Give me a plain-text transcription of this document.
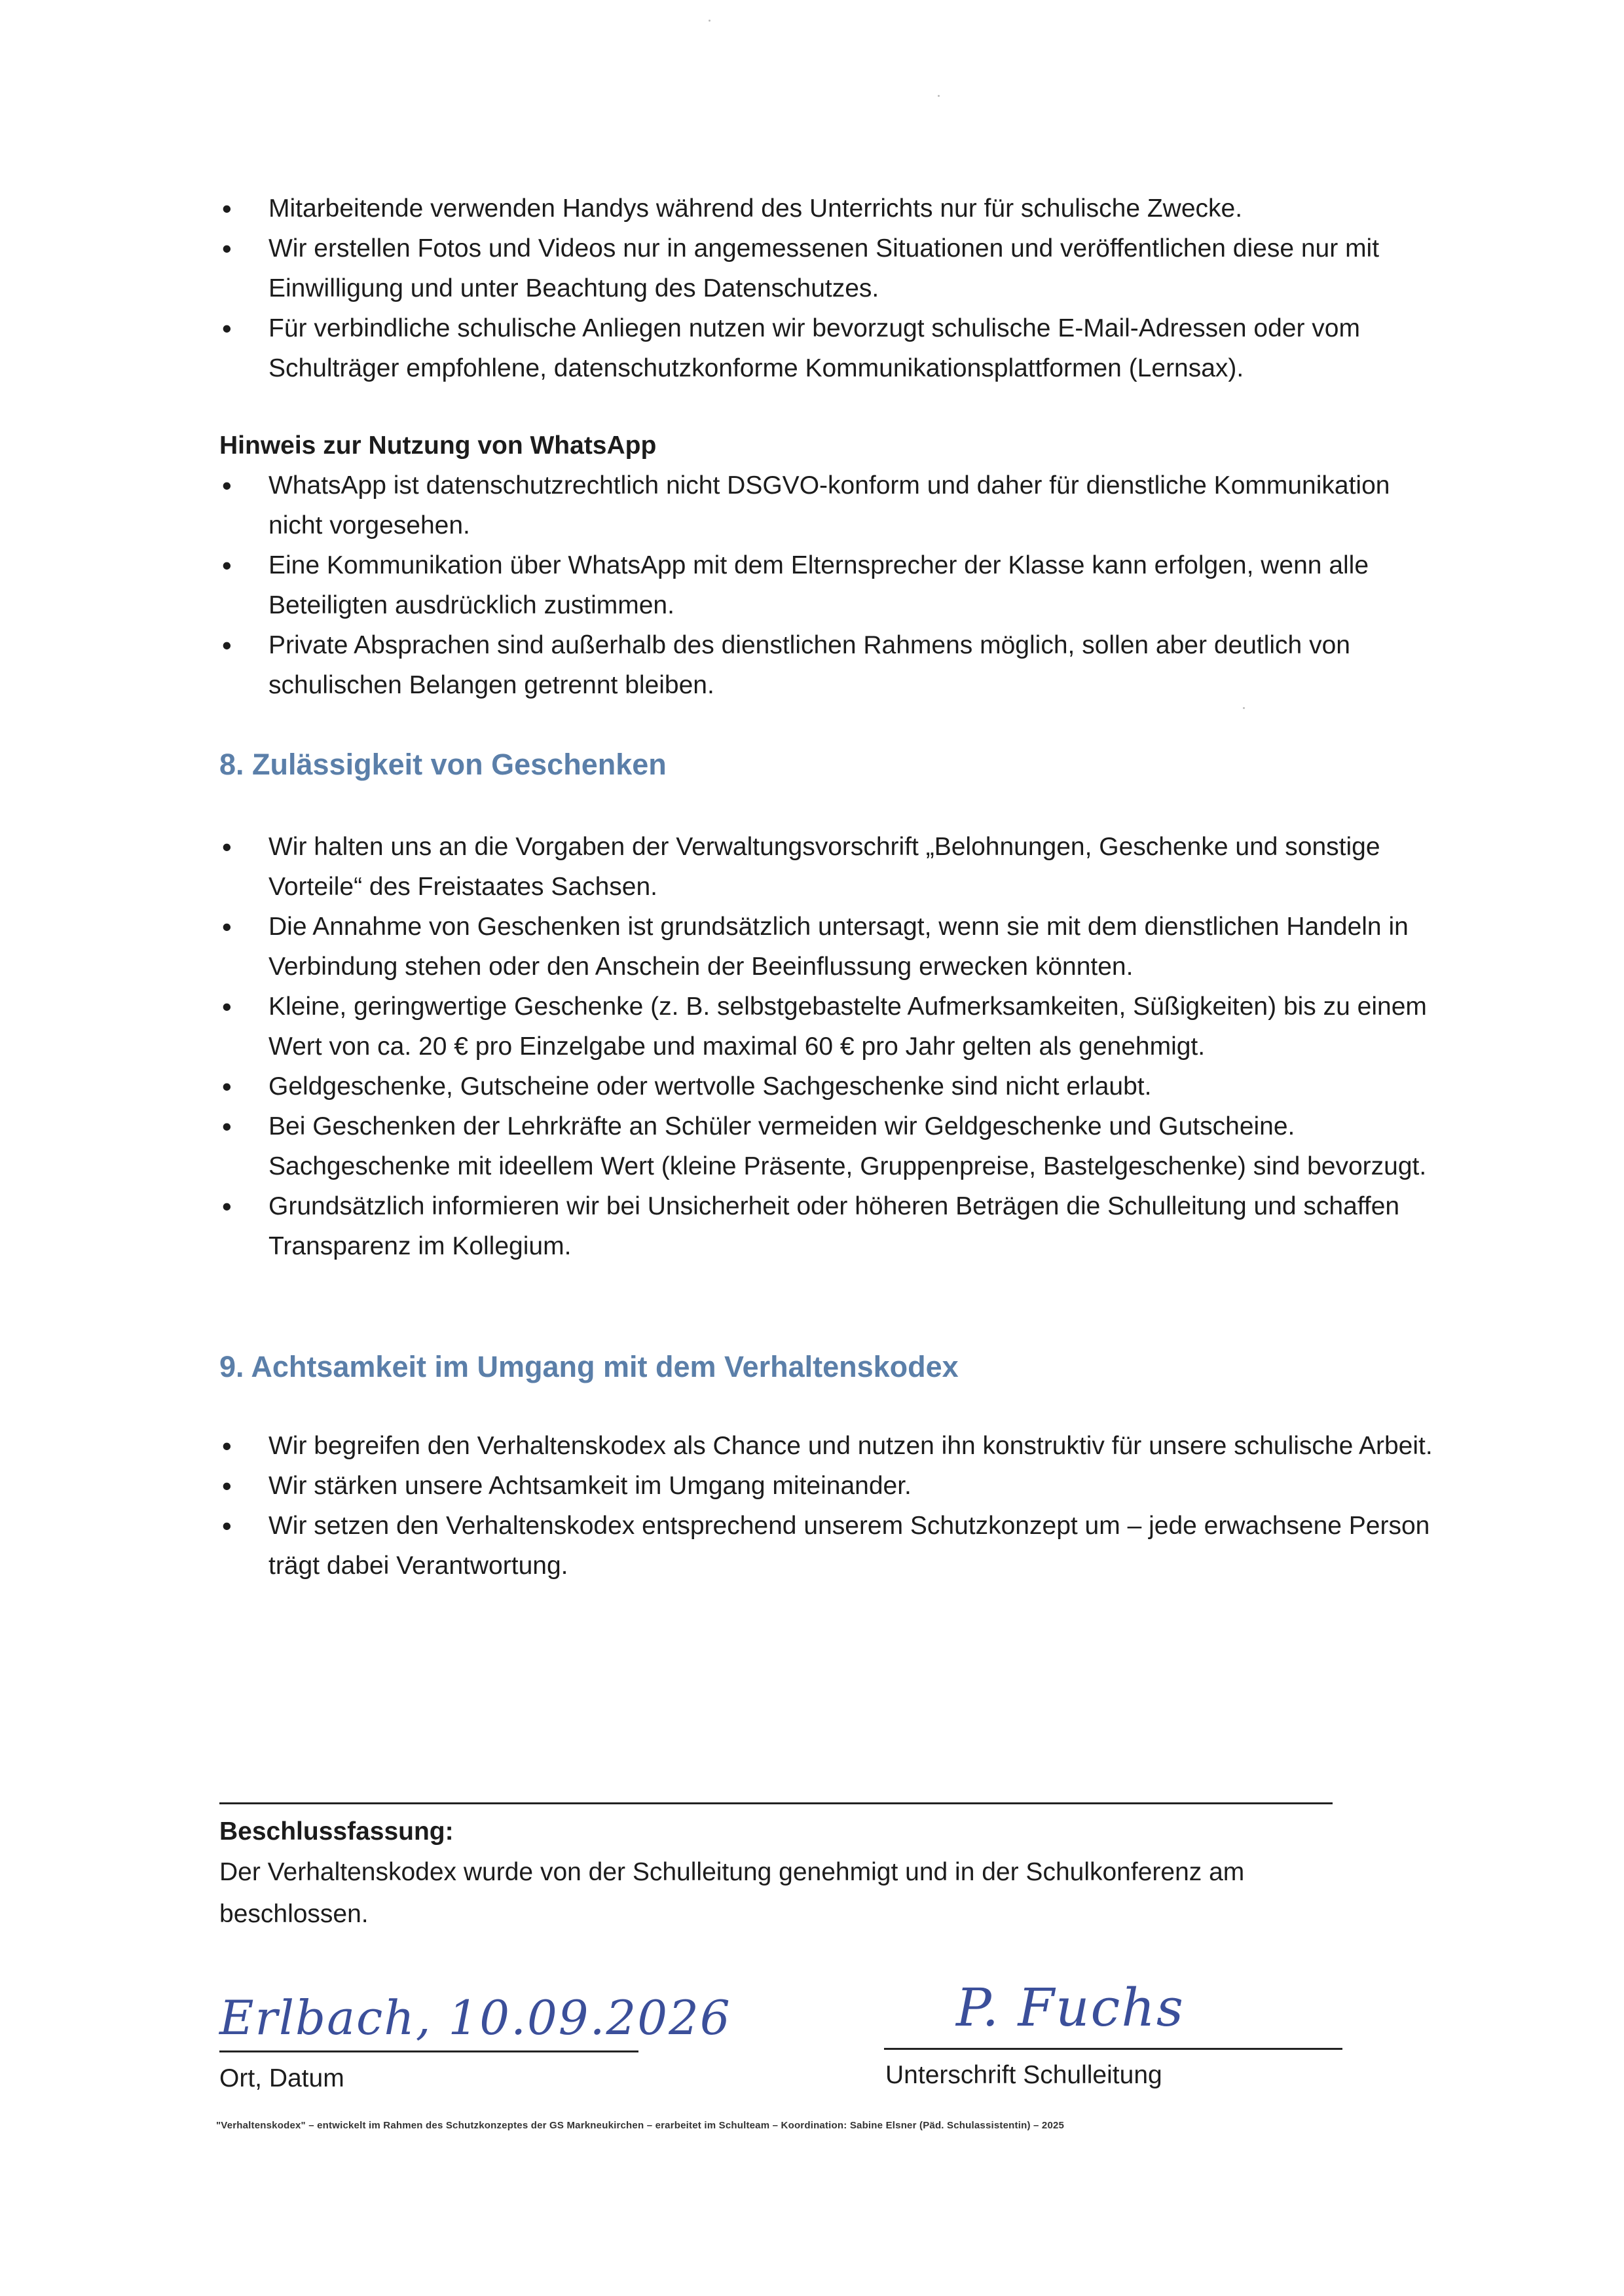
• Mitarbeitende verwenden Handys während des Unterrichts nur für schulische Zwecke.
• Wir erstellen Fotos und Videos nur in angemessenen Situationen und veröffentlichen diese nur mit Einwilligung und unter Beachtung des Datenschutzes.
• Für verbindliche schulische Anliegen nutzen wir bevorzugt schulische E-Mail-Adressen oder vom Schulträger empfohlene, datenschutzkonforme Kommunikationsplattformen (Lernsax).
Hinweis zur Nutzung von WhatsApp
• WhatsApp ist datenschutzrechtlich nicht DSGVO-konform und daher für dienstliche Kommunikation nicht vorgesehen.
• Eine Kommunikation über WhatsApp mit dem Elternsprecher der Klasse kann erfolgen, wenn alle Beteiligten ausdrücklich zustimmen.
• Private Absprachen sind außerhalb des dienstlichen Rahmens möglich, sollen aber deutlich von schulischen Belangen getrennt bleiben.
8. Zulässigkeit von Geschenken
• Wir halten uns an die Vorgaben der Verwaltungsvorschrift „Belohnungen, Geschenke und sonstige Vorteile“ des Freistaates Sachsen.
• Die Annahme von Geschenken ist grundsätzlich untersagt, wenn sie mit dem dienstlichen Handeln in Verbindung stehen oder den Anschein der Beeinflussung erwecken könnten.
• Kleine, geringwertige Geschenke (z. B. selbstgebastelte Aufmerksamkeiten, Süßigkeiten) bis zu einem Wert von ca. 20 € pro Einzelgabe und maximal 60 € pro Jahr gelten als genehmigt.
• Geldgeschenke, Gutscheine oder wertvolle Sachgeschenke sind nicht erlaubt.
• Bei Geschenken der Lehrkräfte an Schüler vermeiden wir Geldgeschenke und Gutscheine. Sachgeschenke mit ideellem Wert (kleine Präsente, Gruppenpreise, Bastelgeschenke) sind bevorzugt.
• Grundsätzlich informieren wir bei Unsicherheit oder höheren Beträgen die Schulleitung und schaffen Transparenz im Kollegium.
9. Achtsamkeit im Umgang mit dem Verhaltenskodex
• Wir begreifen den Verhaltenskodex als Chance und nutzen ihn konstruktiv für unsere schulische Arbeit.
• Wir stärken unsere Achtsamkeit im Umgang miteinander.
• Wir setzen den Verhaltenskodex entsprechend unserem Schutzkonzept um – jede erwachsene Person trägt dabei Verantwortung.
Beschlussfassung:
Der Verhaltenskodex wurde von der Schulleitung genehmigt und in der Schulkonferenz am beschlossen.
Erlbach, 10.09.2026
Ort, Datum
P. Fuchs
Unterschrift Schulleitung
"Verhaltenskodex" – entwickelt im Rahmen des Schutzkonzeptes der GS Markneukirchen – erarbeitet im Schulteam – Koordination: Sabine Elsner (Päd. Schulassistentin) – 2025
